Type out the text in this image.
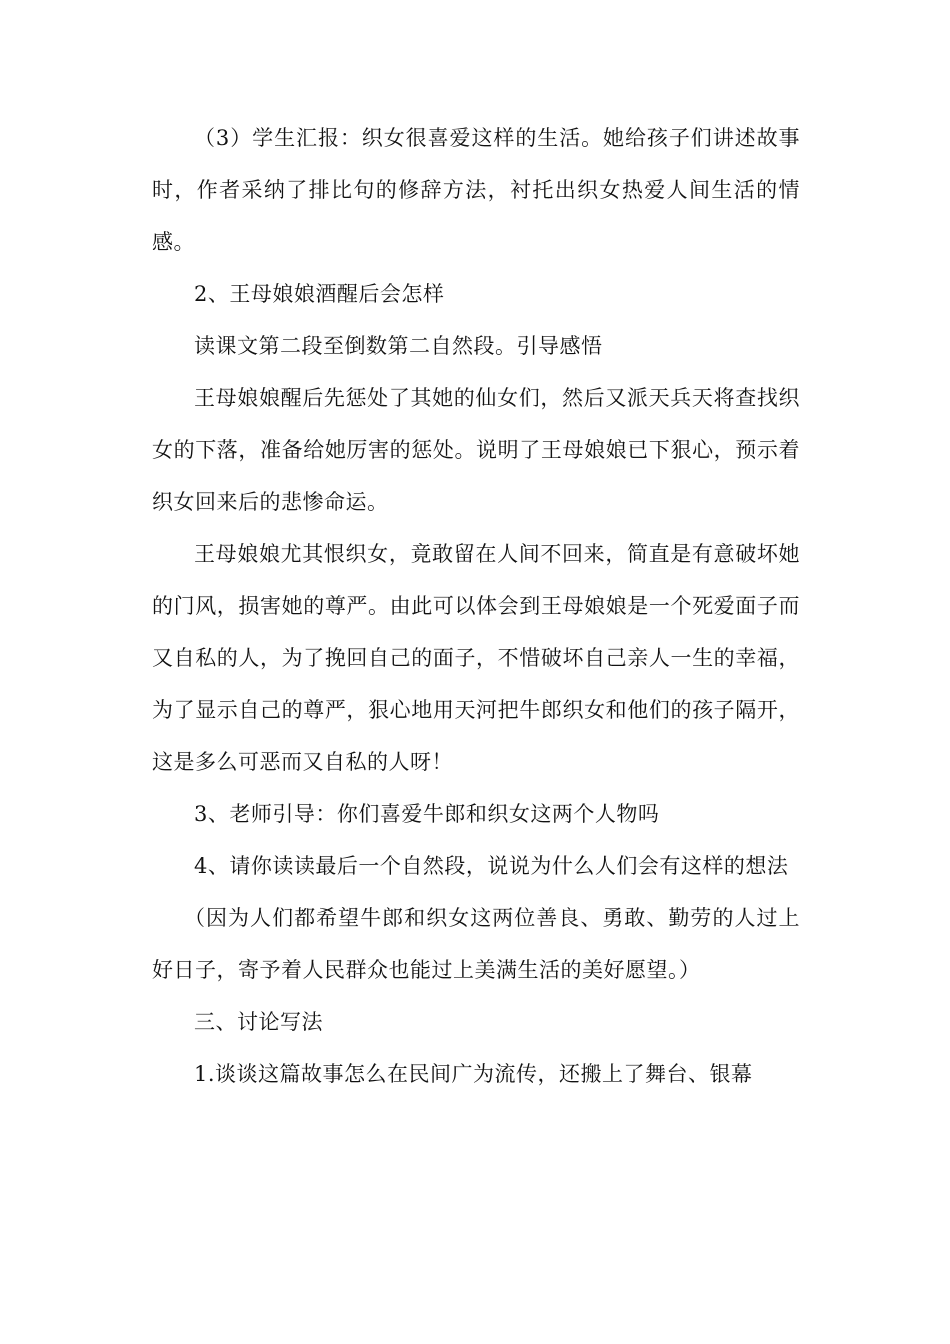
（3）学生汇报：织女很喜爱这样的生活。她给孩子们讲述故事时，作者采纳了排比句的修辞方法，衬托出织女热爱人间生活的情感。

2、王母娘娘酒醒后会怎样

读课文第二段至倒数第二自然段。引导感悟

王母娘娘醒后先惩处了其她的仙女们，然后又派天兵天将查找织女的下落，准备给她厉害的惩处。说明了王母娘娘已下狠心，预示着织女回来后的悲惨命运。

王母娘娘尤其恨织女，竟敢留在人间不回来，简直是有意破坏她的门风，损害她的尊严。由此可以体会到王母娘娘是一个死爱面子而又自私的人，为了挽回自己的面子，不惜破坏自己亲人一生的幸福，为了显示自己的尊严，狠心地用天河把牛郎织女和他们的孩子隔开，这是多么可恶而又自私的人呀！

3、老师引导：你们喜爱牛郎和织女这两个人物吗

4、请你读读最后一个自然段，说说为什么人们会有这样的想法

（因为人们都希望牛郎和织女这两位善良、勇敢、勤劳的人过上好日子，寄予着人民群众也能过上美满生活的美好愿望。）

三、讨论写法

1.谈谈这篇故事怎么在民间广为流传，还搬上了舞台、银幕
